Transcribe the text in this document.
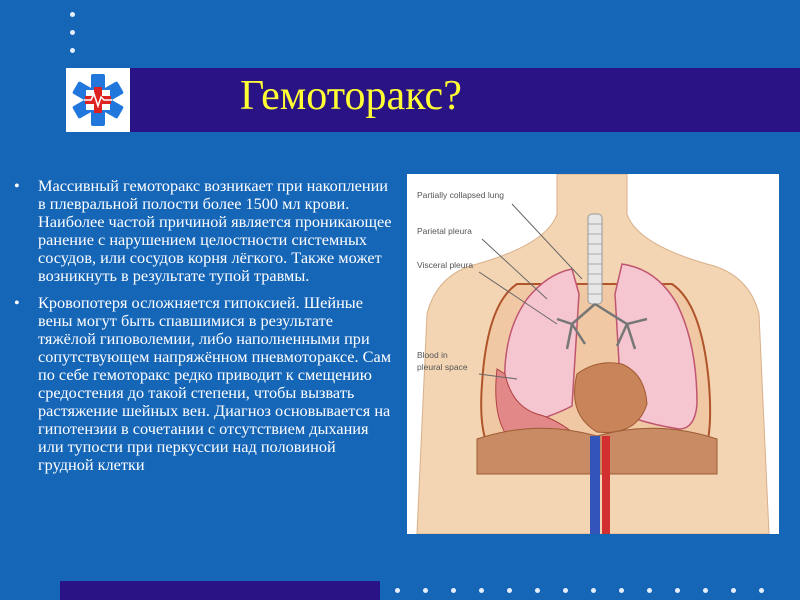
Гемоторакс?
• Массивный гемоторакс возникает при накоплении в плевральной полости более 1500 мл крови. Наиболее частой причиной является проникающее ранение с нарушением целостности системных сосудов, или сосудов корня лёгкого. Также может возникнуть в результате тупой травмы.
• Кровопотеря осложняется гипоксией. Шейные вены могут быть спавшимися в результате тяжёлой гиповолемии, либо наполненными при сопутствующем напряжённом пневмотораксе. Сам по себе гемоторакс редко приводит к смещению средостения до такой степени, чтобы вызвать растяжение шейных вен. Диагноз основывается на гипотензии в сочетании с отсутствием дыхания или тупости при перкуссии над половиной грудной клетки
Partially collapsed lung
Parietal pleura
Visceral pleura
Blood in
pleural space
